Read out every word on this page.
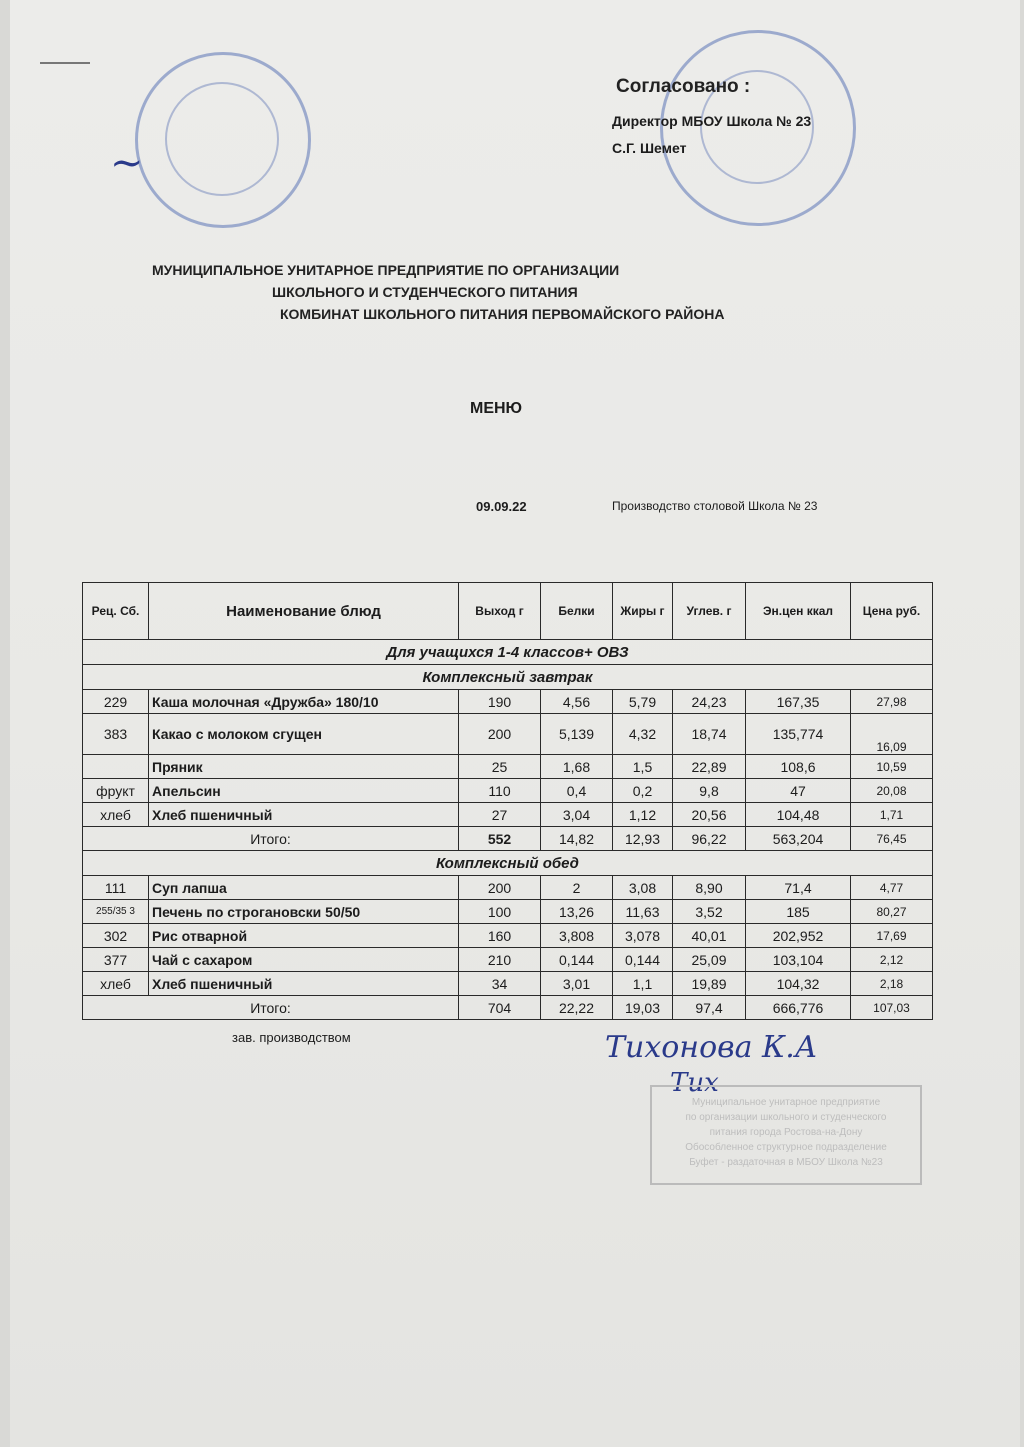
~
Согласовано :
Директор МБОУ Школа № 23
С.Г. Шемет
МУНИЦИПАЛЬНОЕ УНИТАРНОЕ ПРЕДПРИЯТИЕ ПО ОРГАНИЗАЦИИ
ШКОЛЬНОГО И СТУДЕНЧЕСКОГО ПИТАНИЯ
КОМБИНАТ ШКОЛЬНОГО ПИТАНИЯ ПЕРВОМАЙСКОГО РАЙОНА
МЕНЮ
09.09.22	Производство столовой Школа № 23
Рец. Сб.	Наименование блюд	Выход г	Белки	Жиры г	Углев. г	Эн.цен ккал	Цена руб.
Для учащихся 1-4 классов+ ОВЗ							
Комплексный завтрак							
229	Каша молочная «Дружба» 180/10	190	4,56	5,79	24,23	167,35	27,98
383	Какао с молоком сгущен	200	5,139	4,32	18,74	135,774	16,09
	Пряник	25	1,68	1,5	22,89	108,6	10,59
фрукт	Апельсин	110	0,4	0,2	9,8	47	20,08
хлеб	Хлеб пшеничный	27	3,04	1,12	20,56	104,48	1,71
Итого:		552	14,82	12,93	96,22	563,204	76,45
Комплексный обед							
111	Суп лапша	200	2	3,08	8,90	71,4	4,77
255/35 3	Печень по строгановски 50/50	100	13,26	11,63	3,52	185	80,27
302	Рис отварной	160	3,808	3,078	40,01	202,952	17,69
377	Чай с сахаром	210	0,144	0,144	25,09	103,104	2,12
хлеб	Хлеб пшеничный	34	3,01	1,1	19,89	104,32	2,18
Итого:		704	22,22	19,03	97,4	666,776	107,03
зав. производством	Тихонова К.А
Тих
Муниципальное унитарное предприятие
по организации школьного и студенческого
питания города Ростова-на-Дону
Обособленное структурное подразделение
Буфет - раздаточная в МБОУ Школа №23
